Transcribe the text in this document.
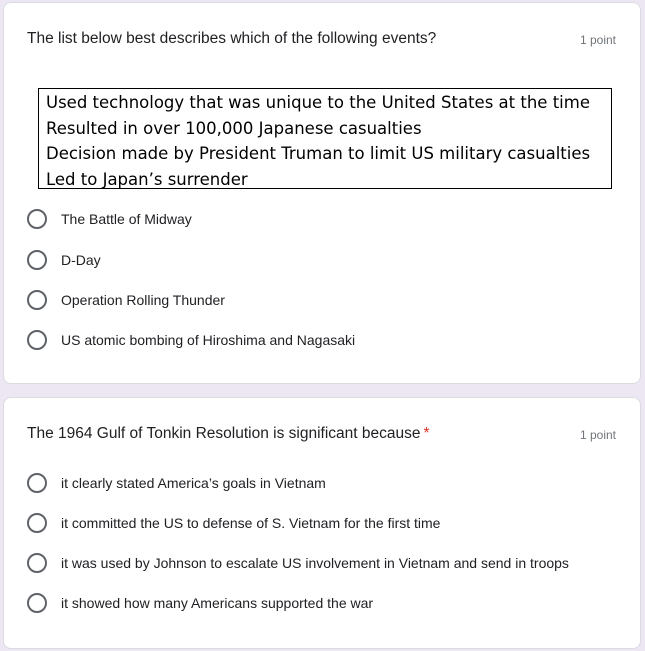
The list below best describes which of the following events?	1 point
Used technology that was unique to the United States at the time
Resulted in over 100,000 Japanese casualties
Decision made by President Truman to limit US military casualties
Led to Japan’s surrender
The Battle of Midway
D-Day
Operation Rolling Thunder
US atomic bombing of Hiroshima and Nagasaki
The 1964 Gulf of Tonkin Resolution is significant because *	1 point
it clearly stated America’s goals in Vietnam
it committed the US to defense of S. Vietnam for the first time
it was used by Johnson to escalate US involvement in Vietnam and send in troops
it showed how many Americans supported the war
